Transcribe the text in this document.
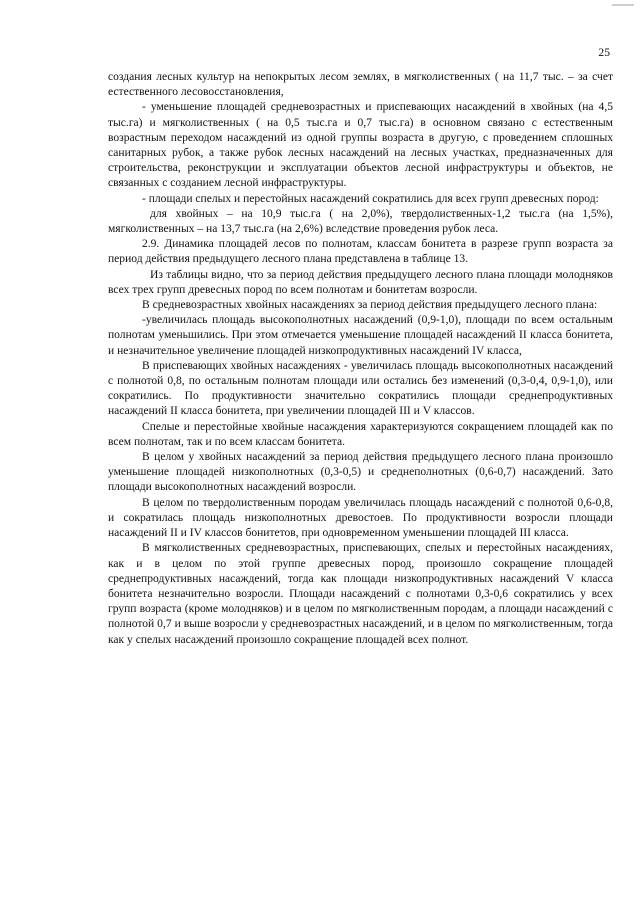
25

создания лесных культур на непокрытых лесом землях, в мягколиственных ( на 11,7 тыс. – за счет естественного лесовосстановления,

- уменьшение площадей средневозрастных и приспевающих насаждений в хвойных (на 4,5 тыс.га) и мягколиственных ( на 0,5 тыс.га и 0,7 тыс.га) в основном связано с естественным возрастным переходом насаждений из одной группы возраста в другую, с проведением сплошных санитарных рубок, а также рубок лесных насаждений на лесных участках, предназначенных для строительства, реконструкции и эксплуатации объектов лесной инфраструктуры и объектов, не связанных с созданием лесной инфраструктуры.

- площади спелых и перестойных насаждений сократились для всех групп древесных пород:

для хвойных – на 10,9 тыс.га ( на 2,0%), твердолиственных-1,2 тыс.га (на 1,5%), мягколиственных – на 13,7 тыс.га (на 2,6%) вследствие проведения рубок леса.

2.9. Динамика площадей лесов по полнотам, классам бонитета в разрезе групп возраста за период действия предыдущего лесного плана представлена в таблице 13.

Из таблицы видно, что за период действия предыдущего леcного плана площади молодняков всех трех групп древесных пород по всем полнотам и бонитетам возросли.

В средневозрастных хвойных насаждениях за период действия предыдущего лесного плана:

-увеличилась площадь высокополнотных насаждений (0,9-1,0), площади по всем остальным полнотам уменьшились. При этом отмечается уменьшение площадей насаждений II класса бонитета, и незначительное увеличение площадей низкопродуктивных насаждений IV класса,

В приспевающих хвойных насаждениях - увеличилась площадь высокополнотных насаждений с полнотой 0,8, по остальным полнотам площади или остались без изменений (0,3-0,4, 0,9-1,0), или сократились. По продуктивности значительно сократились площади среднепродуктивных насаждений II класса бонитета, при увеличении площадей III и V классов.

Спелые и перестойные хвойные насаждения характеризуются сокращением площадей как по всем полнотам, так и по всем классам бонитета.

В целом у хвойных насаждений за период действия предыдущего лесного плана произошло уменьшение площадей низкополнотных (0,3-0,5) и среднеполнотных (0,6-0,7) насаждений. Зато площади высокополнотных насаждений возросли.

В целом по твердолиственным породам увеличилась площадь насаждений с полнотой 0,6-0,8, и сократилась площадь низкополнотных древостоев. По продуктивности возросли площади насаждений II и IV классов бонитетов, при одновременном уменьшении площадей III класса.

В мягколиственных средневозрастных, приспевающих, спелых и перестойных насаждениях, как и в целом по этой группе древесных пород, произошло сокращение площадей среднепродуктивных насаждений, тогда как площади низкопродуктивных насаждений V класса бонитета незначительно возросли. Площади насаждений с полнотами 0,3-0,6 сократились у всех групп возраста (кроме молодняков) и в целом по мягколиственным породам, а площади насаждений с полнотой 0,7 и выше возросли у средневозрастных насаждений, и в целом по мягколиственным, тогда как у спелых насаждений произошло сокращение площадей всех полнот.
